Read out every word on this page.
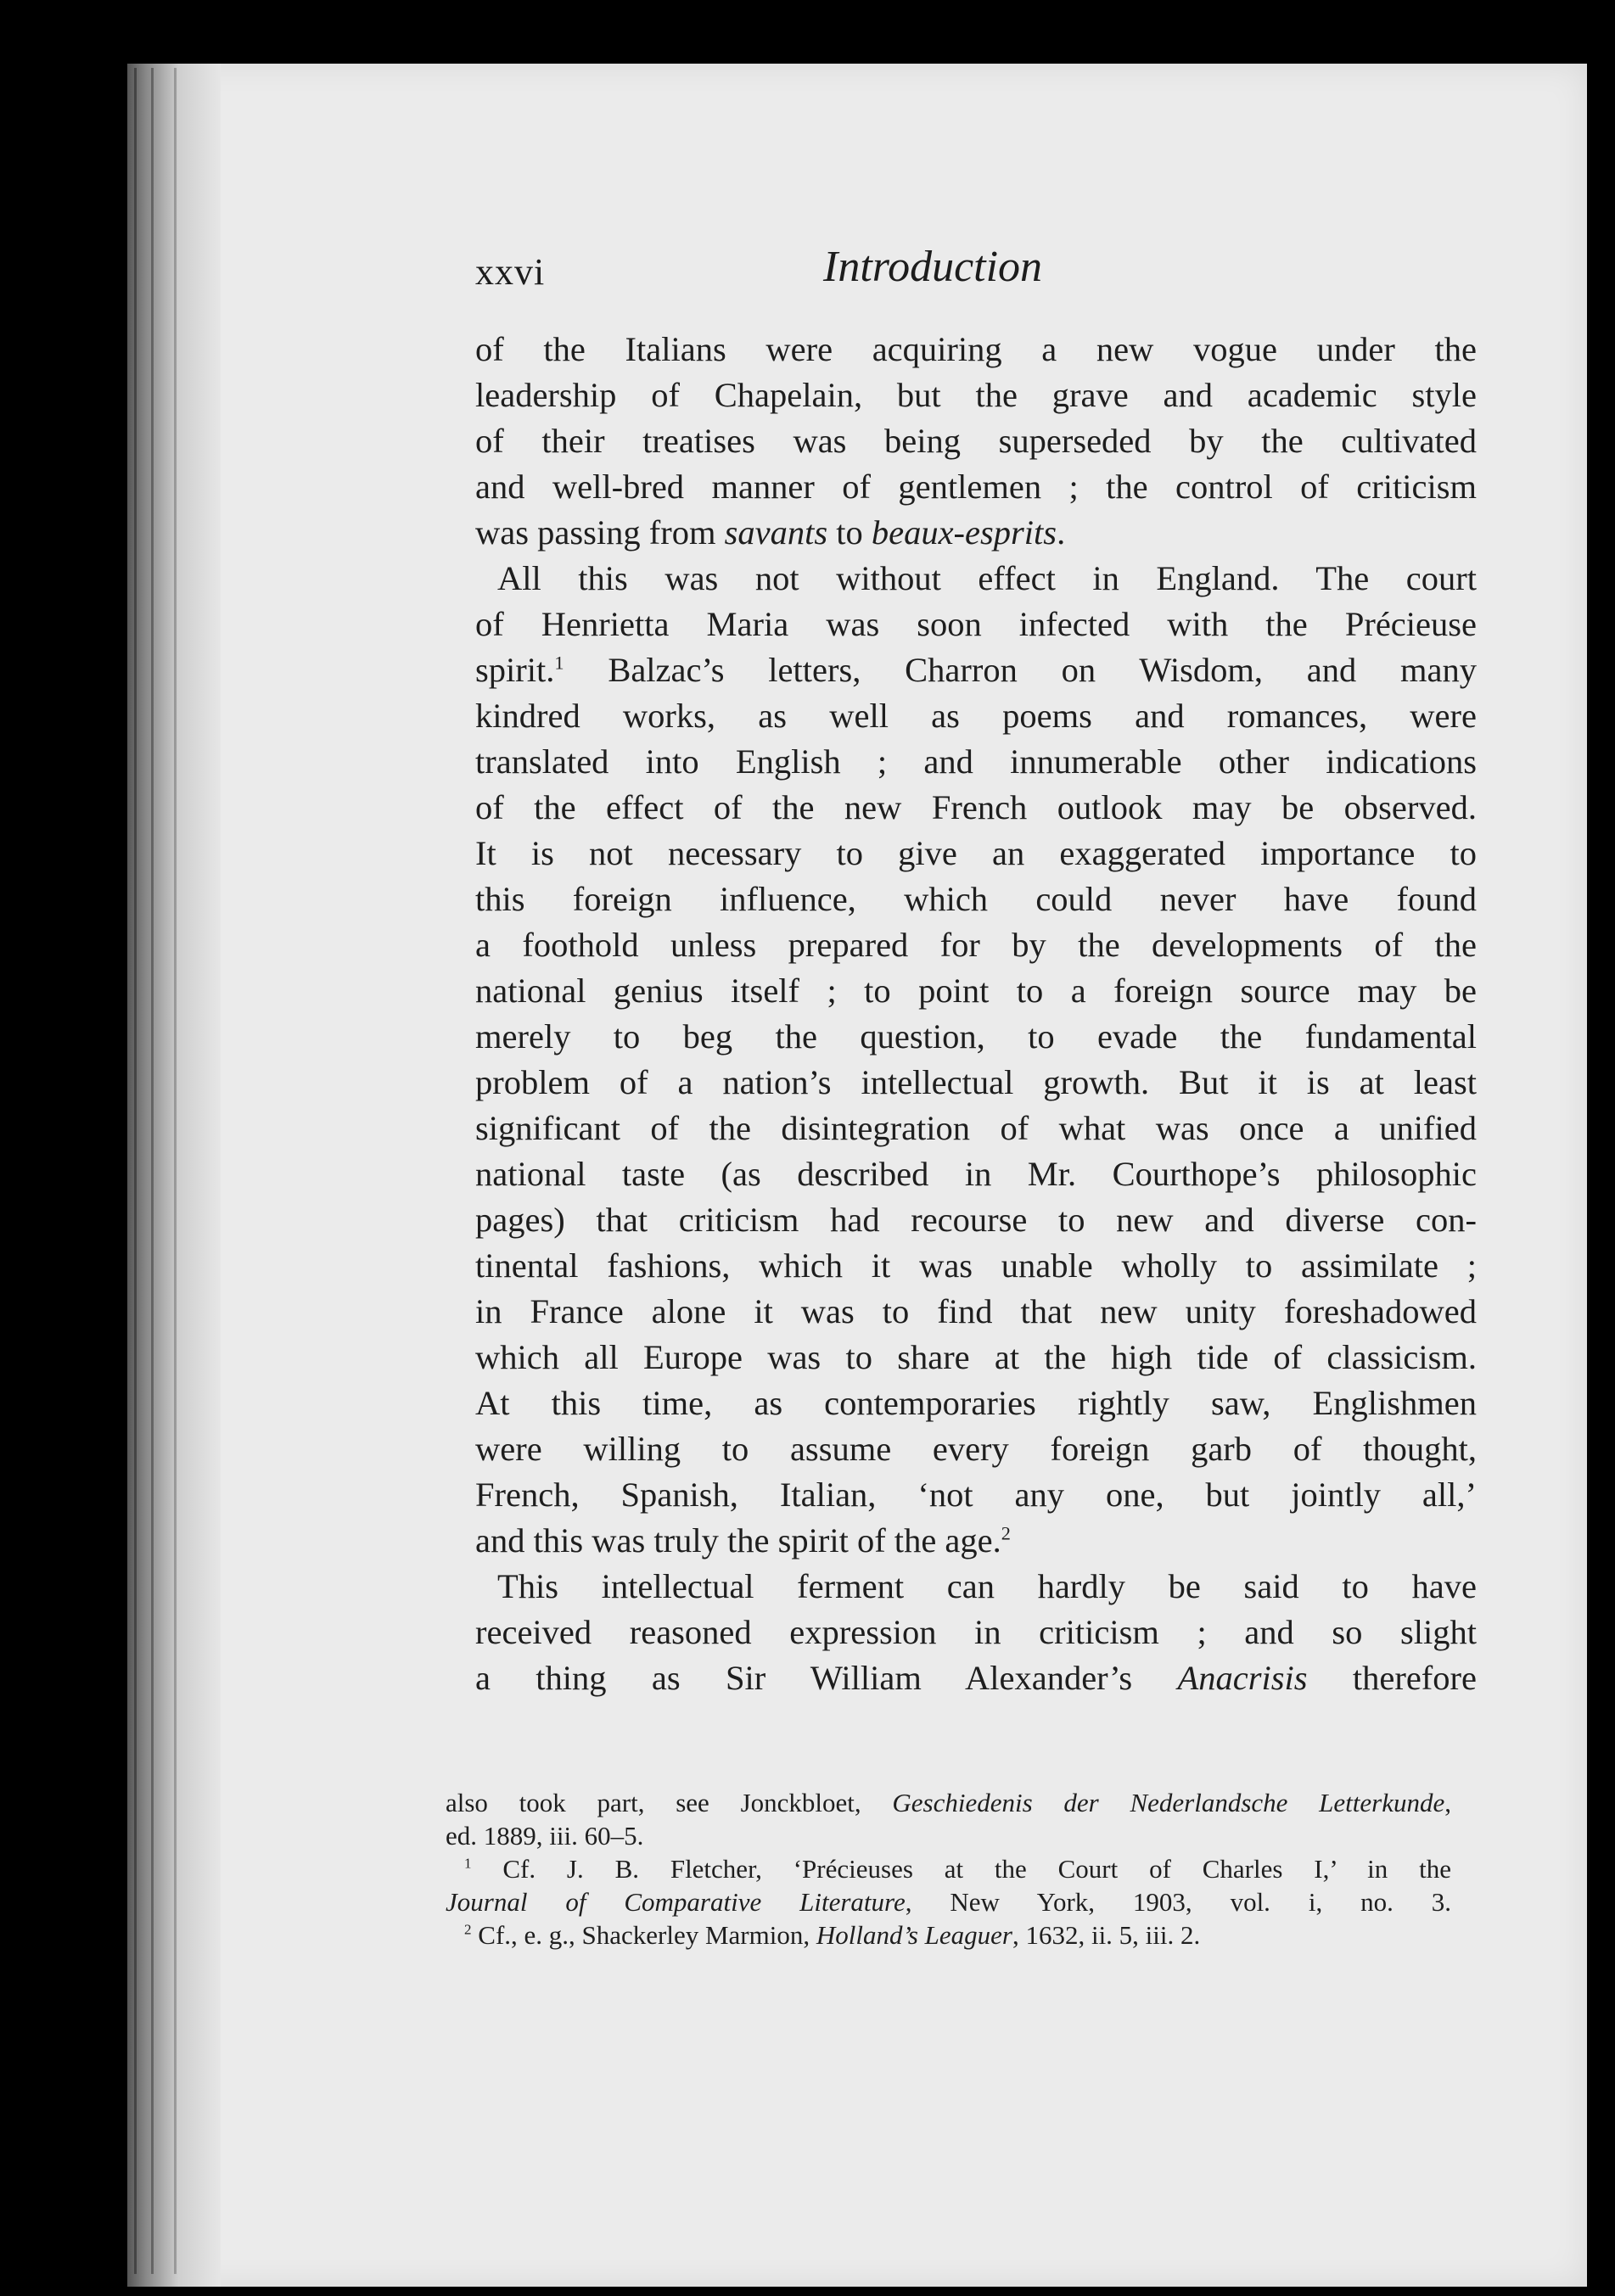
xxvi	Introduction
of the Italians were acquiring a new vogue under the
leadership of Chapelain, but the grave and academic style
of their treatises was being superseded by the cultivated
and well-bred manner of gentlemen ; the control of criticism
was passing from savants to beaux-esprits.
All this was not without effect in England. The court
of Henrietta Maria was soon infected with the Précieuse
spirit.$^1$ Balzac’s letters, Charron on Wisdom, and many
kindred works, as well as poems and romances, were
translated into English ; and innumerable other indications
of the effect of the new French outlook may be observed.
It is not necessary to give an exaggerated importance to
this foreign influence, which could never have found
a foothold unless prepared for by the developments of the
national genius itself ; to point to a foreign source may be
merely to beg the question, to evade the fundamental
problem of a nation’s intellectual growth. But it is at least
significant of the disintegration of what was once a unified
national taste (as described in Mr. Courthope’s philosophic
pages) that criticism had recourse to new and diverse con-
tinental fashions, which it was unable wholly to assimilate ;
in France alone it was to find that new unity foreshadowed
which all Europe was to share at the high tide of classicism.
At this time, as contemporaries rightly saw, Englishmen
were willing to assume every foreign garb of thought,
French, Spanish, Italian, ‘not any one, but jointly all,’
and this was truly the spirit of the age.$^2$
This intellectual ferment can hardly be said to have
received reasoned expression in criticism ; and so slight
a thing as Sir William Alexander’s Anacrisis therefore
also took part, see Jonckbloet, Geschiedenis der Nederlandsche Letterkunde,
ed. 1889, iii. 60–5.
$^1$ Cf. J. B. Fletcher, ‘Précieuses at the Court of Charles I,’ in the
Journal of Comparative Literature, New York, 1903, vol. i, no. 3.
$^2$ Cf., e. g., Shackerley Marmion, Holland’s Leaguer, 1632, ii. 5, iii. 2.
